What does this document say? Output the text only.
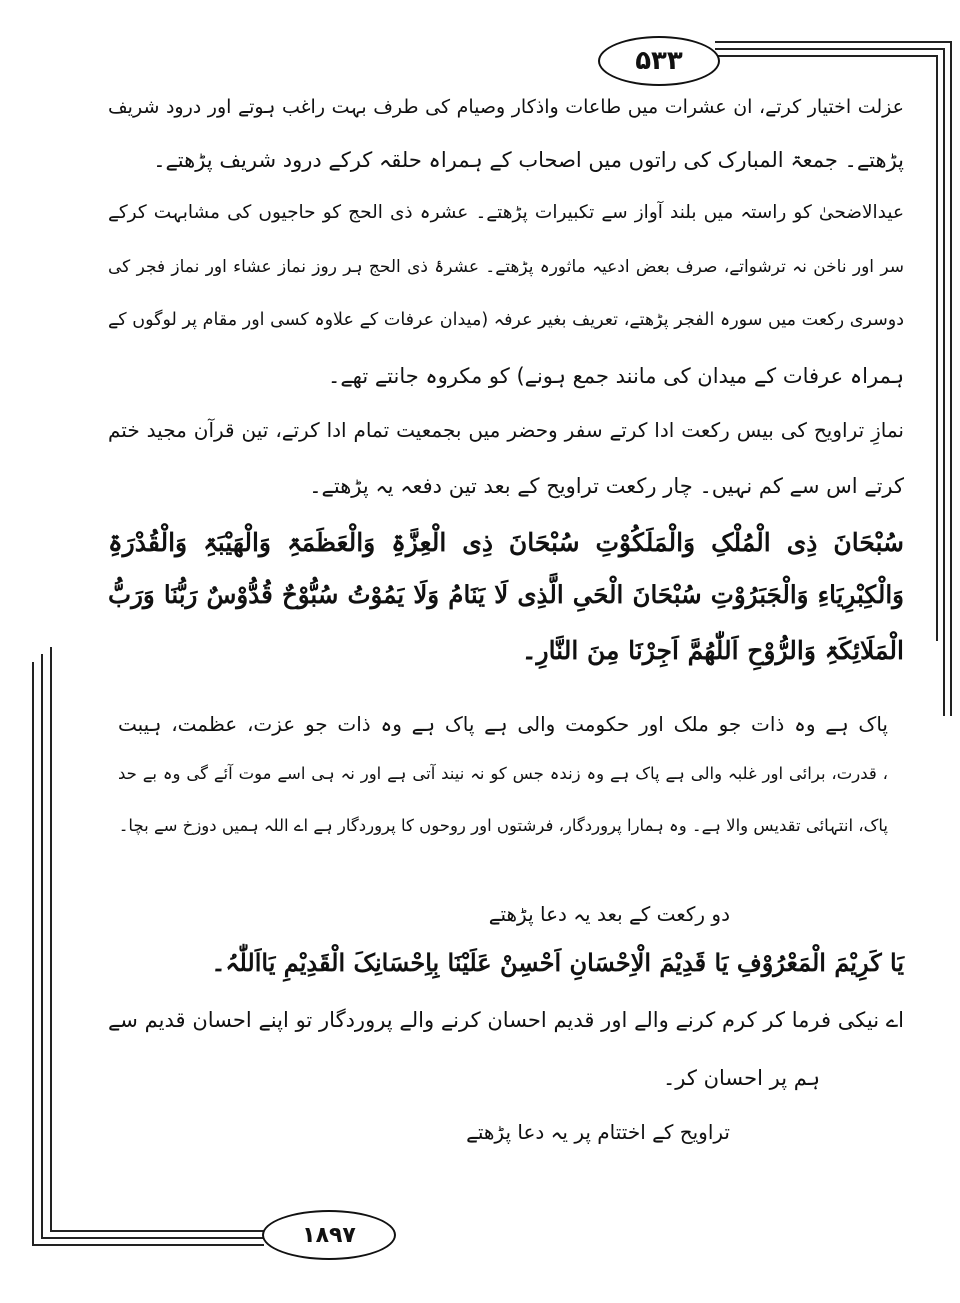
۵۳۳
عزلت اختیار کرتے، ان عشرات میں طاعات واذکار وصیام کی طرف بہت راغب ہوتے اور درود شریف
پڑھتے۔ جمعۃ المبارک کی راتوں میں اصحاب کے ہمراہ حلقہ کرکے درود شریف پڑھتے۔
عیدالاضحیٰ کو راستہ میں بلند آواز سے تکبیرات پڑھتے۔ عشرہ ذی الحج کو حاجیوں کی مشابہت کرکے
سر اور ناخن نہ ترشواتے، صرف بعض ادعیہ ماثورہ پڑھتے۔ عشرۂ ذی الحج ہر روز نماز عشاء اور نماز فجر کی
دوسری رکعت میں سورہ الفجر پڑھتے، تعریف بغیر عرفہ (میدان عرفات کے علاوہ کسی اور مقام پر لوگوں کے
ہمراہ عرفات کے میدان کی مانند جمع ہونے) کو مکروہ جانتے تھے۔
نمازِ تراویح کی بیس رکعت ادا کرتے سفر وحضر میں بجمعیت تمام ادا کرتے، تین قرآن مجید ختم
کرتے اس سے کم نہیں۔ چار رکعت تراویح کے بعد تین دفعہ یہ پڑھتے۔
سُبْحَانَ ذِی الْمُلْکِ وَالْمَلَکُوْتِ سُبْحَانَ ذِی الْعِزَّۃِ وَالْعَظَمَۃِ وَالْھَیْبَۃِ وَالْقُدْرَۃِ
وَالْکِبْرِیَاءِ وَالْجَبَرُوْتِ سُبْحَانَ الْحَیِ الَّذِی لَا یَنَامُ وَلَا یَمُوْتُ سُبُّوْحٌ قُدُّوْسٌ رَبُّنَا وَرَبُّ
الْمَلَائِکَۃِ وَالرُّوْحِ اَللّٰھُمَّ اَجِرْنَا مِنَ النَّارِ۔
پاک ہے وہ ذات جو ملک اور حکومت والی ہے پاک ہے وہ ذات جو عزت، عظمت، ہیبت
، قدرت، برائی اور غلبہ والی ہے پاک ہے وہ زندہ جس کو نہ نیند آتی ہے اور نہ ہی اسے موت آئے گی وہ بے حد
پاک، انتہائی تقدیس والا ہے۔ وہ ہمارا پروردگار، فرشتوں اور روحوں کا پروردگار ہے اے اللہ ہمیں دوزخ سے بچا۔
دو رکعت کے بعد یہ دعا پڑھتے
یَا کَرِیْمَ الْمَعْرُوْفِ یَا قَدِیْمَ الْاِحْسَانِ اَحْسِنْ عَلَیْنَا بِاِحْسَانِکَ الْقَدِیْمِ یَااَللّٰہُ۔
اے نیکی فرما کر کرم کرنے والے اور قدیم احسان کرنے والے پروردگار تو اپنے احسان قدیم سے
ہم پر احسان کر۔
تراویح کے اختتام پر یہ دعا پڑھتے
۱۸۹۷
